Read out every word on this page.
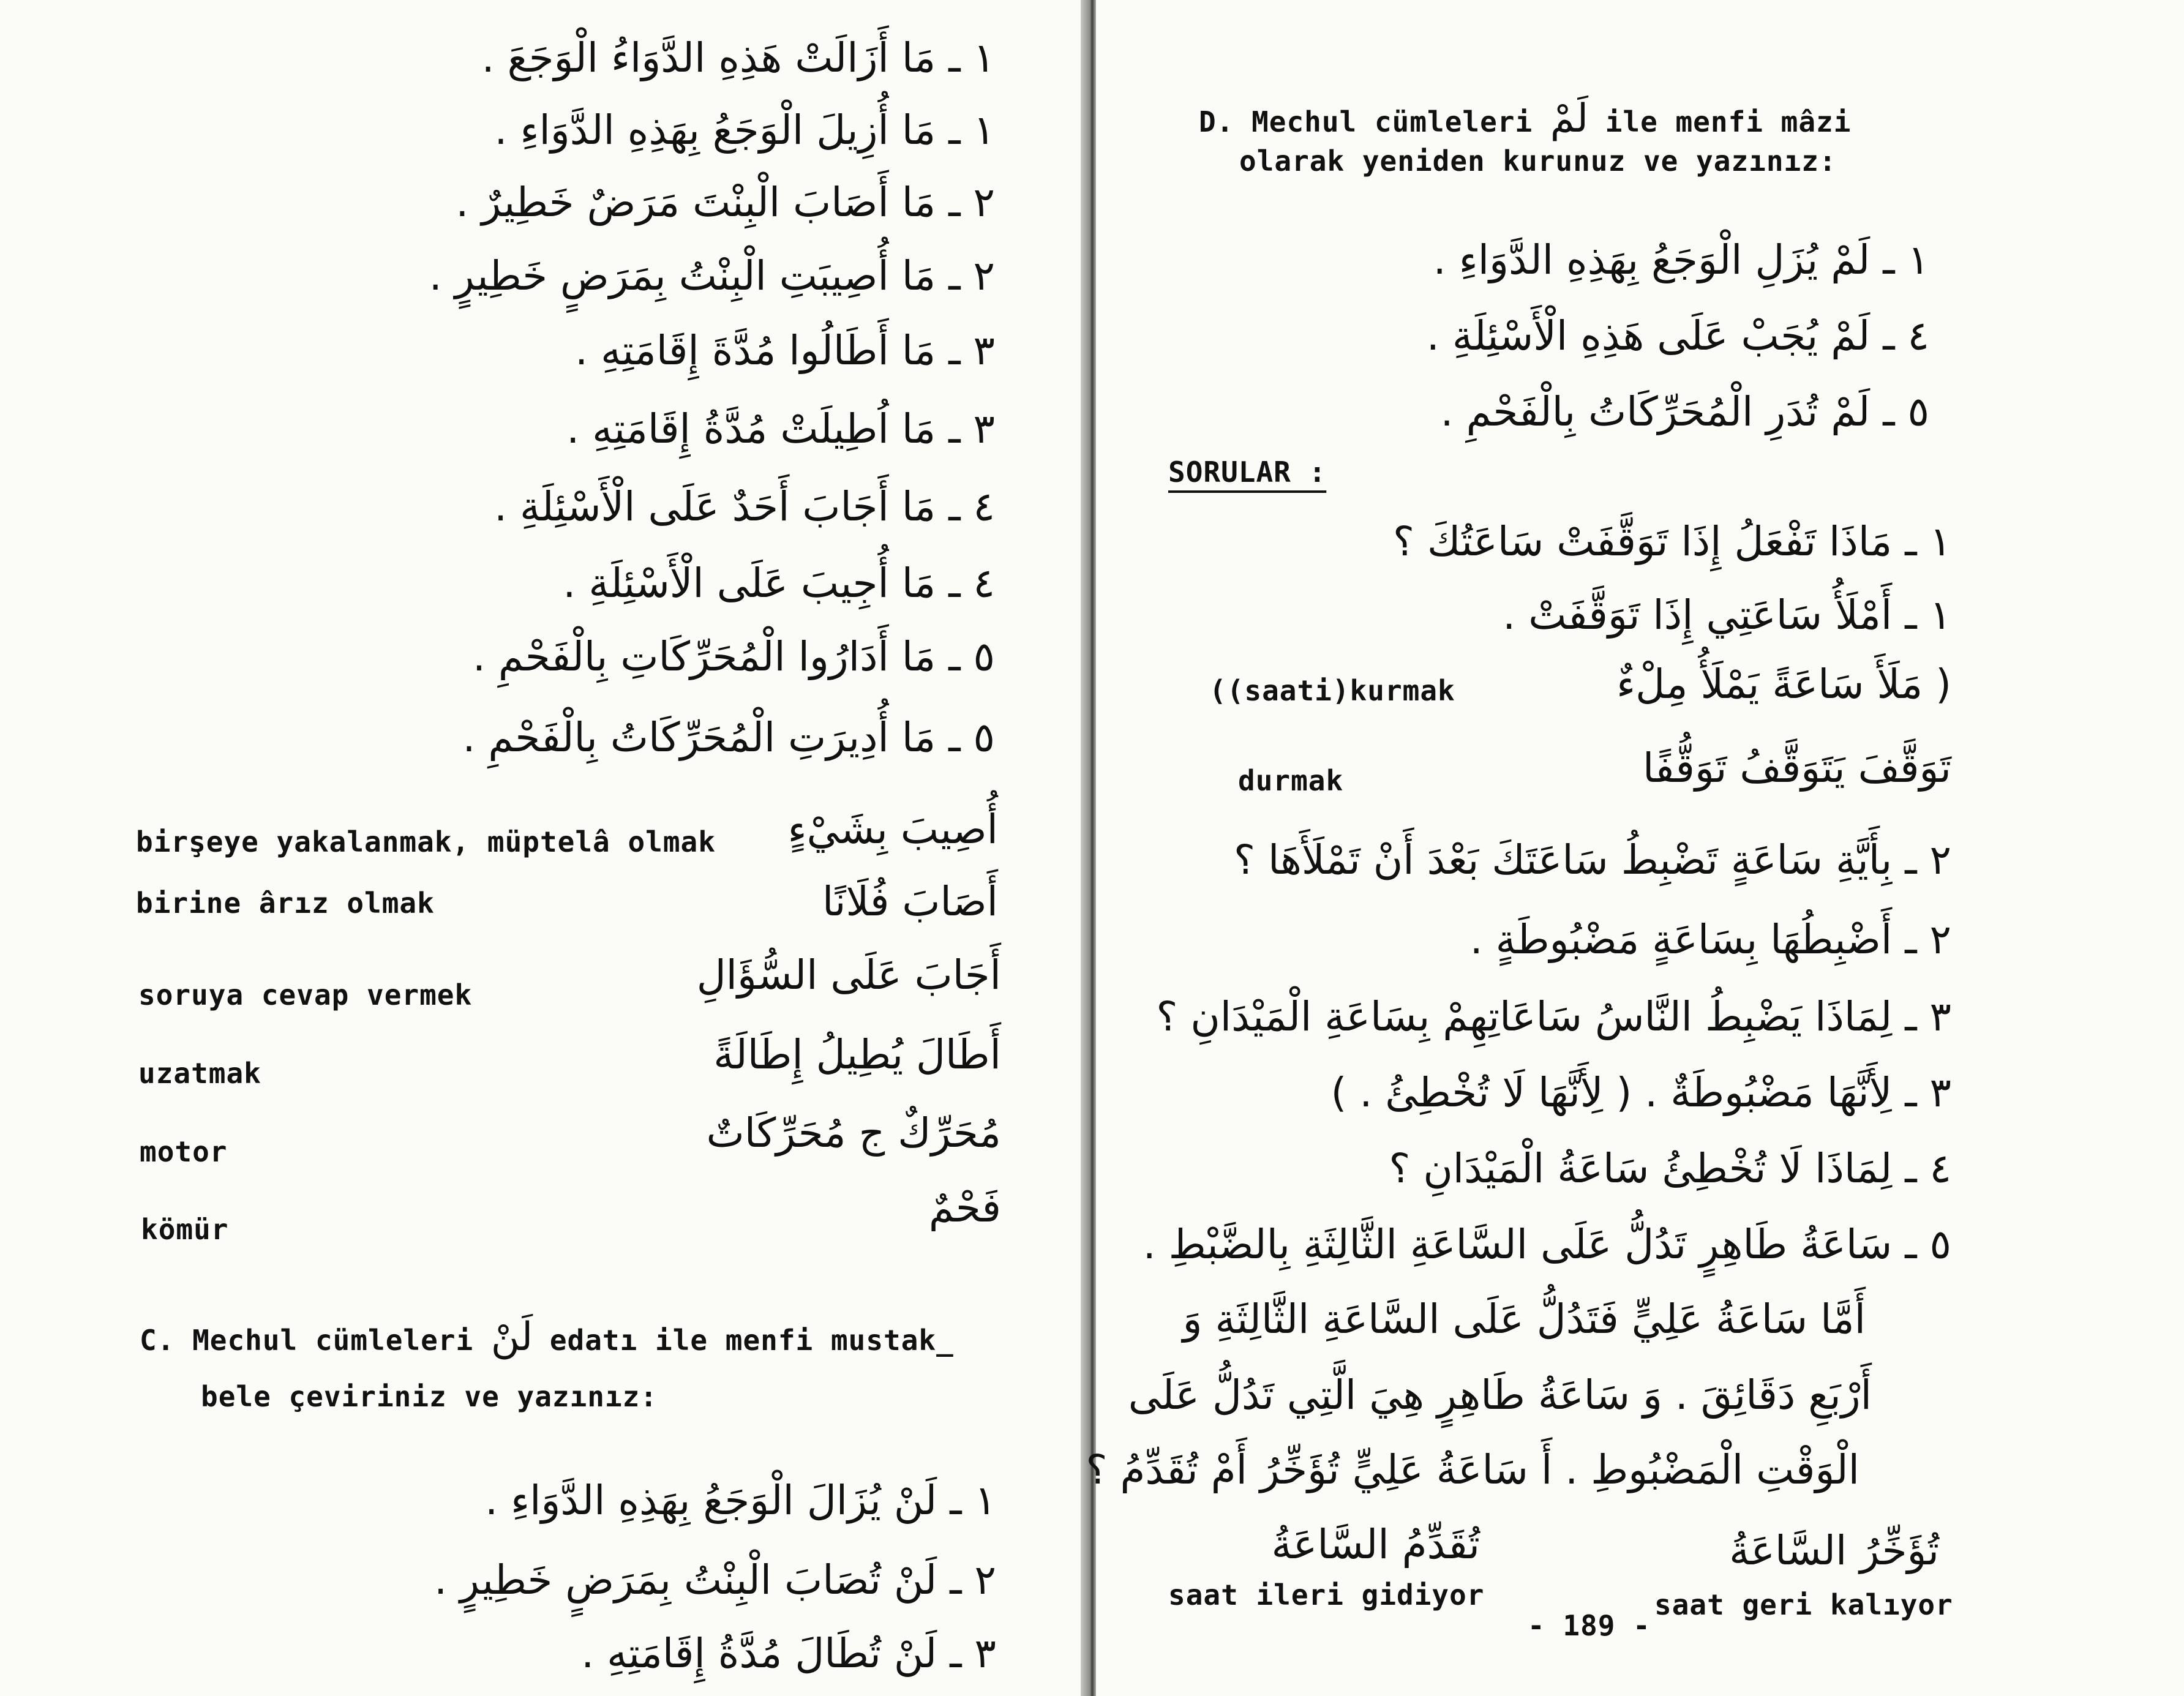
١ ـ مَا أَزَالَتْ هَذِهِ الدَّوَاءُ الْوَجَعَ .
١ ـ مَا أُزِيلَ الْوَجَعُ بِهَذِهِ الدَّوَاءِ .
٢ ـ مَا أَصَابَ الْبِنْتَ مَرَضٌ خَطِيرٌ .
٢ ـ مَا أُصِيبَتِ الْبِنْتُ بِمَرَضٍ خَطِيرٍ .
٣ ـ مَا أَطَالُوا مُدَّةَ إِقَامَتِهِ .
٣ ـ مَا اُطِيلَتْ مُدَّةُ إِقَامَتِهِ .
٤ ـ مَا أَجَابَ أَحَدٌ عَلَى الْأَسْئِلَةِ .
٤ ـ مَا أُجِيبَ عَلَى الْأَسْئِلَةِ .
٥ ـ مَا أَدَارُوا الْمُحَرِّكَاتِ بِالْفَحْمِ .
٥ ـ مَا أُدِيرَتِ الْمُحَرِّكَاتُ بِالْفَحْمِ .
birşeye yakalanmak, müptelâ olmak أُصِيبَ بِشَيْءٍ
birine ârız olmak	أَصَابَ فُلَانًا
soruya cevap vermek	أَجَابَ عَلَى السُّؤَالِ
uzatmak	أَطَالَ يُطِيلُ إِطَالَةً
motor	مُحَرِّكٌ ج مُحَرِّكَاتٌ
kömür	فَحْمٌ
C. Mechul cümleleri لَنْ edatı ile menfi mustak_
bele çeviriniz ve yazınız:
١ ـ لَنْ يُزَالَ الْوَجَعُ بِهَذِهِ الدَّوَاءِ .
٢ ـ لَنْ تُصَابَ الْبِنْتُ بِمَرَضٍ خَطِيرٍ .
٣ ـ لَنْ تُطَالَ مُدَّةُ إِقَامَتِهِ .
D. Mechul cümleleri لَمْ ile menfi mâzi
olarak yeniden kurunuz ve yazınız:
١ ـ لَمْ يُزَلِ الْوَجَعُ بِهَذِهِ الدَّوَاءِ .
٤ ـ لَمْ يُجَبْ عَلَى هَذِهِ الْأَسْئِلَةِ .
٥ ـ لَمْ تُدَرِ الْمُحَرِّكَاتُ بِالْفَحْمِ .
SORULAR :
١ ـ مَاذَا تَفْعَلُ إِذَا تَوَقَّفَتْ سَاعَتُكَ ؟
١ ـ أَمْلَأُ سَاعَتِي إِذَا تَوَقَّفَتْ .
((saati)kurmak	( مَلَأَ سَاعَةً يَمْلَأُ مِلْءٌ
durmak	تَوَقَّفَ يَتَوَقَّفُ تَوَقُّفًا
٢ ـ بِأَيَّةِ سَاعَةٍ تَضْبِطُ سَاعَتَكَ بَعْدَ أَنْ تَمْلَأَهَا ؟
٢ ـ أَضْبِطُهَا بِسَاعَةٍ مَضْبُوطَةٍ .
٣ ـ لِمَاذَا يَضْبِطُ النَّاسُ سَاعَاتِهِمْ بِسَاعَةِ الْمَيْدَانِ ؟
٣ ـ لِأَنَّهَا مَضْبُوطَةٌ . ( لِأَنَّهَا لَا تُخْطِئُ . )
٤ ـ لِمَاذَا لَا تُخْطِئُ سَاعَةُ الْمَيْدَانِ ؟
٥ ـ سَاعَةُ طَاهِرٍ تَدُلُّ عَلَى السَّاعَةِ الثَّالِثَةِ بِالضَّبْطِ .
أَمَّا سَاعَةُ عَلِيٍّ فَتَدُلُّ عَلَى السَّاعَةِ الثَّالِثَةِ وَ
أَرْبَعِ دَقَائِقَ . وَ سَاعَةُ طَاهِرٍ هِيَ الَّتِي تَدُلُّ عَلَى
الْوَقْتِ الْمَضْبُوطِ . أَ سَاعَةُ عَلِيٍّ تُؤَخِّرُ أَمْ تُقَدِّمُ ؟
تُقَدِّمُ السَّاعَةُ	تُؤَخِّرُ السَّاعَةُ
saat ileri gidiyor	saat geri kalıyor
- 189 -
